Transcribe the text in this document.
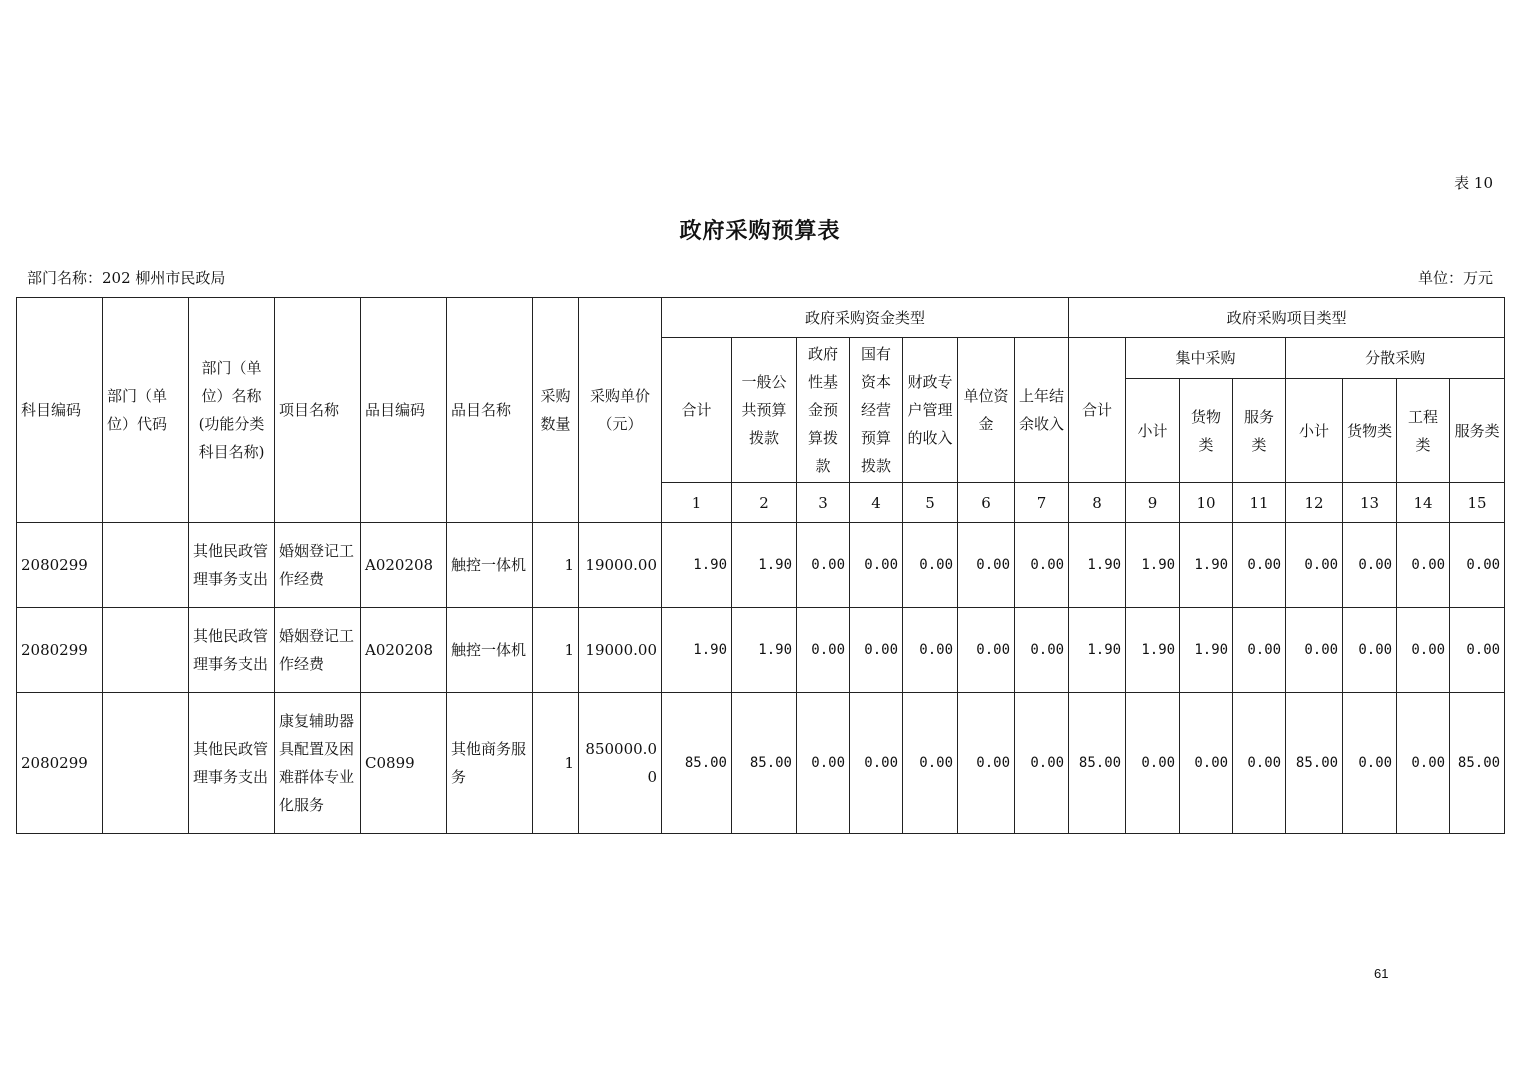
表 10
政府采购预算表
部门名称：202 柳州市民政局	单位：万元
科目编码	部门（单位）代码	部门（单位）名称(功能分类科目名称)	项目名称	品目编码	品目名称	采购数量	采购单价（元）	政府采购资金类型							政府采购项目类型							
								合计	一般公共预算拨款	政府性基金预算拨款	国有资本经营预算拨款	财政专户管理的收入	单位资金	上年结余收入	合计	集中采购			分散采购			
																小计	货物类	服务类	小计	货物类	工程类	服务类
								1	2	3	4	5	6	7	8	9	10	11	12	13	14	15
2080299		其他民政管理事务支出	婚姻登记工作经费	A020208	触控一体机	1	19000.00	1.90	1.90	0.00	0.00	0.00	0.00	0.00	1.90	1.90	1.90	0.00	0.00	0.00	0.00	0.00
2080299		其他民政管理事务支出	婚姻登记工作经费	A020208	触控一体机	1	19000.00	1.90	1.90	0.00	0.00	0.00	0.00	0.00	1.90	1.90	1.90	0.00	0.00	0.00	0.00	0.00
2080299		其他民政管理事务支出	康复辅助器具配置及困难群体专业化服务	C0899	其他商务服务	1	850000.00	85.00	85.00	0.00	0.00	0.00	0.00	0.00	85.00	0.00	0.00	0.00	85.00	0.00	0.00	85.00
61
